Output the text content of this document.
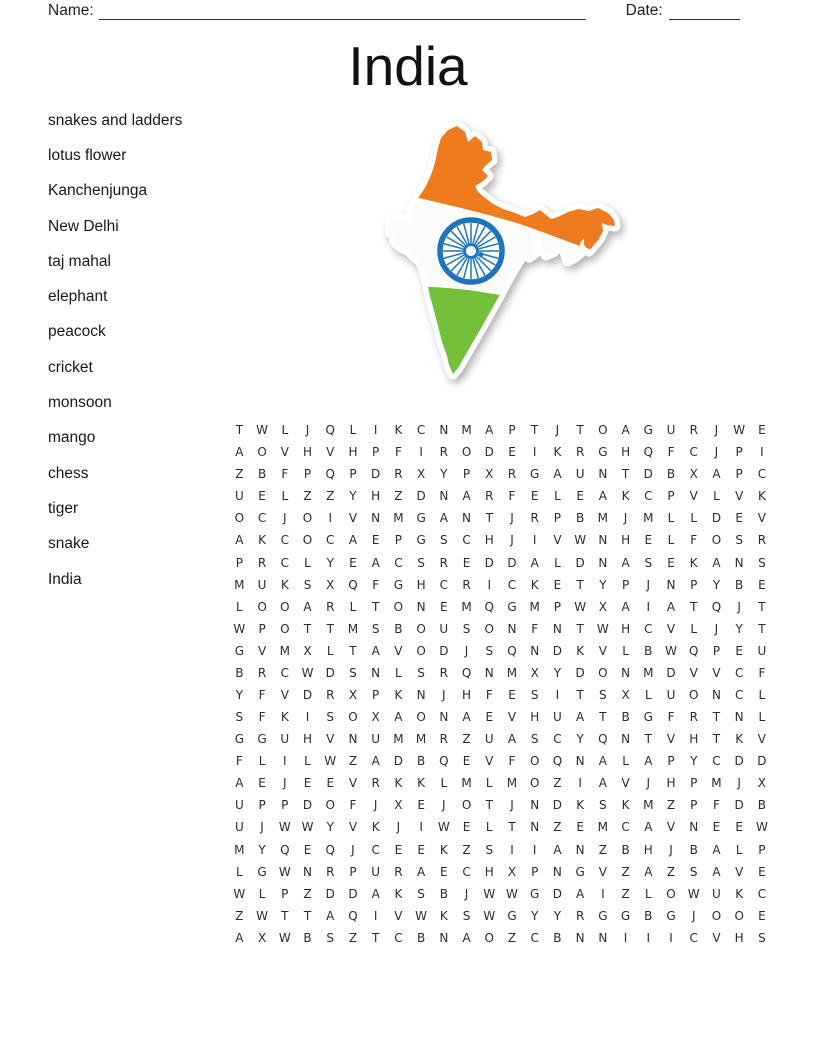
Name:	Date:
India
snakes and ladders
lotus flower
Kanchenjunga
New Delhi
taj mahal
elephant
peacock
cricket
monsoon
mango
chess
tiger
snake
India
T	W	L	J	Q	L	I	K	C	N	M	A	P	T	J	T	O	A	G	U	R	J	W	E
A	O	V	H	V	H	P	F	I	R	O	D	E	I	K	R	G	H	Q	F	C	J	P	I
Z	B	F	P	Q	P	D	R	X	Y	P	X	R	G	A	U	N	T	D	B	X	A	P	C
U	E	L	Z	Z	Y	H	Z	D	N	A	R	F	E	L	E	A	K	C	P	V	L	V	K
O	C	J	O	I	V	N	M	G	A	N	T	J	R	P	B	M	J	M	L	L	D	E	V
A	K	C	O	C	A	E	P	G	S	C	H	J	I	V	W	N	H	E	L	F	O	S	R
P	R	C	L	Y	E	A	C	S	R	E	D	D	A	L	D	N	A	S	E	K	A	N	S
M	U	K	S	X	Q	F	G	H	C	R	I	C	K	E	T	Y	P	J	N	P	Y	B	E
L	O	O	A	R	L	T	O	N	E	M	Q	G	M	P	W	X	A	I	A	T	Q	J	T
W	P	O	T	T	M	S	B	O	U	S	O	N	F	N	T	W	H	C	V	L	J	Y	T
G	V	M	X	L	T	A	V	O	D	J	S	Q	N	D	K	V	L	B	W	Q	P	E	U
B	R	C	W	D	S	N	L	S	R	Q	N	M	X	Y	D	O	N	M	D	V	V	C	F
Y	F	V	D	R	X	P	K	N	J	H	F	E	S	I	T	S	X	L	U	O	N	C	L
S	F	K	I	S	O	X	A	O	N	A	E	V	H	U	A	T	B	G	F	R	T	N	L
G	G	U	H	V	N	U	M	M	R	Z	U	A	S	C	Y	Q	N	T	V	H	T	K	V
F	L	I	L	W	Z	A	D	B	Q	E	V	F	O	Q	N	A	L	A	P	Y	C	D	D
A	E	J	E	E	V	R	K	K	L	M	L	M	O	Z	I	A	V	J	H	P	M	J	X
U	P	P	D	O	F	J	X	E	J	O	T	J	N	D	K	S	K	M	Z	P	F	D	B
U	J	W W	Y	V	K	J	I	W	E	L	T	N	Z	E	M	C	A	V	N	E	E	W
M	Y	Q	E	Q	J	C	E	E	K	Z	S	I	I	A	N	Z	B	H	J	B	A	L	P
L	G	W	N	R	P	U	R	A	E	C	H	X	P	N	G	V	Z	A	Z	S	A	V	E
W	L	P	Z	D	D	A	K	S	B	J	W W	G	D	A	I	Z	L	O	W	U	K	C
Z	W	T	T	A	Q	I	V	W	K	S	W	G	Y	Y	R	G	G	B	G	J	O	O	E
A	X	W	B	S	Z	T	C	B	N	A	O	Z	C	B	N	N	I	I	I	C	V	H	S
